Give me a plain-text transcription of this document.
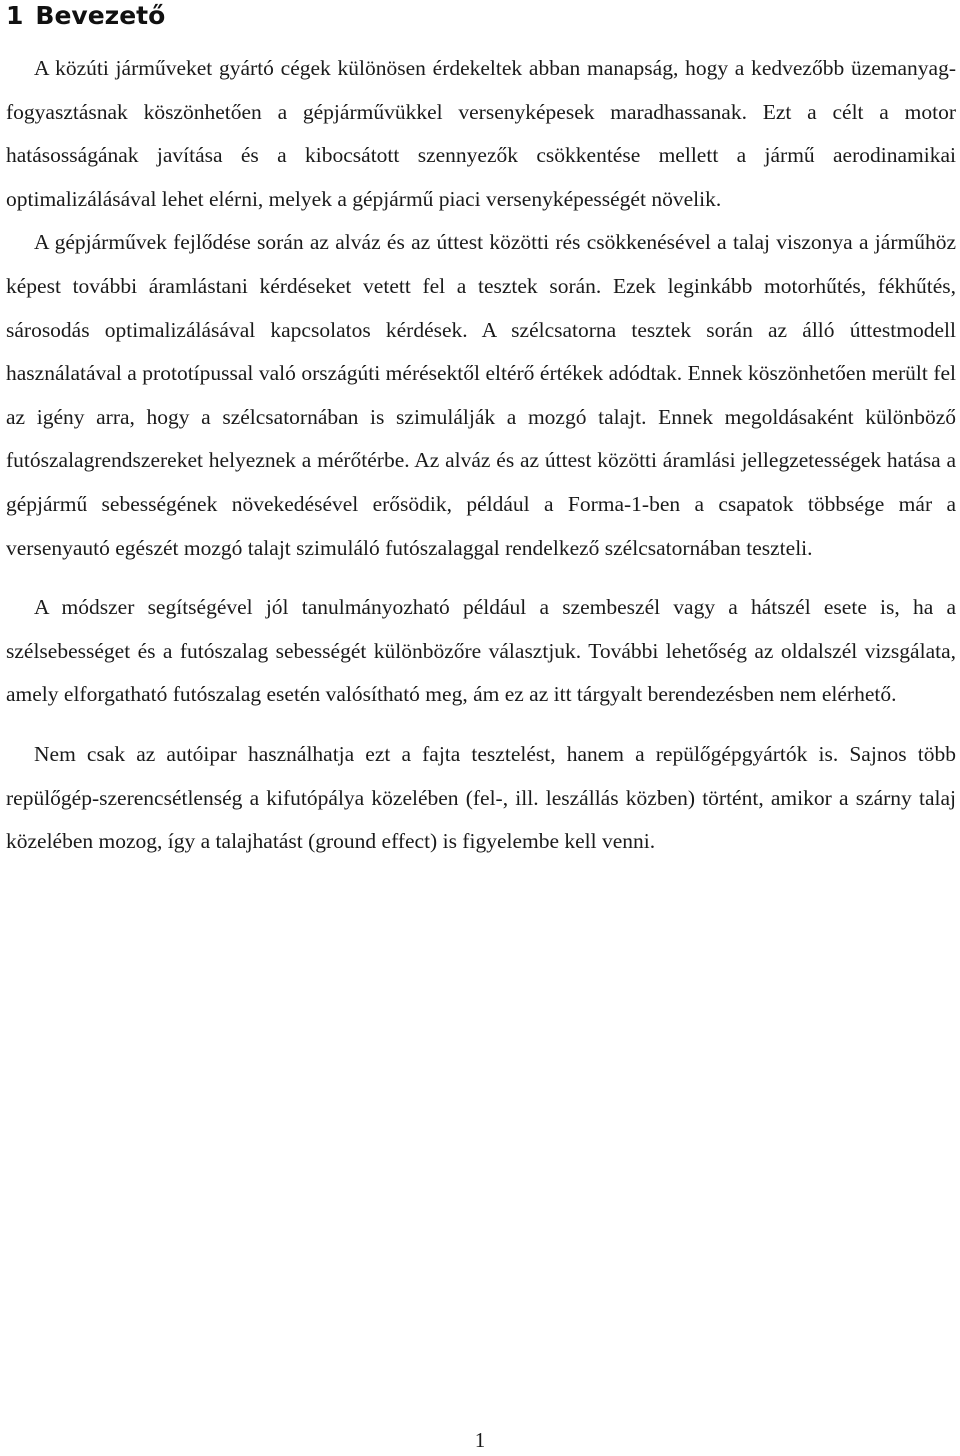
1 Bevezető

A közúti járműveket gyártó cégek különösen érdekeltek abban manapság, hogy a kedvezőbb üzemanyag-fogyasztásnak köszönhetően a gépjárművükkel versenyképesek maradhassanak. Ezt a célt a motor hatásosságának javítása és a kibocsátott szennyezők csökkentése mellett a jármű aerodinamikai optimalizálásával lehet elérni, melyek a gépjármű piaci versenyképességét növelik.

A gépjárművek fejlődése során az alváz és az úttest közötti rés csökkenésével a talaj viszonya a járműhöz képest további áramlástani kérdéseket vetett fel a tesztek során. Ezek leginkább motorhűtés, fékhűtés, sárosodás optimalizálásával kapcsolatos kérdések. A szélcsatorna tesztek során az álló úttestmodell használatával a prototípussal való országúti mérésektől eltérő értékek adódtak. Ennek köszönhetően merült fel az igény arra, hogy a szélcsatornában is szimulálják a mozgó talajt. Ennek megoldásaként különböző futószalagrendszereket helyeznek a mérőtérbe. Az alváz és az úttest közötti áramlási jellegzetességek hatása a gépjármű sebességének növekedésével erősödik, például a Forma-1-ben a csapatok többsége már a versenyautó egészét mozgó talajt szimuláló futószalaggal rendelkező szélcsatornában teszteli.

A módszer segítségével jól tanulmányozható például a szembeszél vagy a hátszél esete is, ha a szélsebességet és a futószalag sebességét különbözőre választjuk. További lehetőség az oldalszél vizsgálata, amely elforgatható futószalag esetén valósítható meg, ám ez az itt tárgyalt berendezésben nem elérhető.

Nem csak az autóipar használhatja ezt a fajta tesztelést, hanem a repülőgépgyártók is. Sajnos több repülőgép-szerencsétlenség a kifutópálya közelében (fel-, ill. leszállás közben) történt, amikor a szárny talaj közelében mozog, így a talajhatást (ground effect) is figyelembe kell venni.

1
